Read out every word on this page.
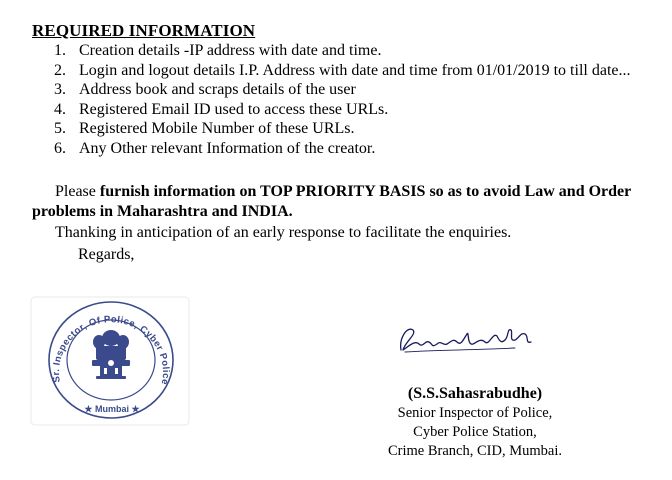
REQUIRED INFORMATION
1. Creation details -IP address with date and time.
2. Login and logout details I.P. Address with date and time from 01/01/2019 to till date...
3. Address book and scraps details of the user
4. Registered Email ID used to access these URLs.
5. Registered Mobile Number of these URLs.
6. Any Other relevant Information of the creator.

Please furnish information on TOP PRIORITY BASIS so as to avoid Law and Order problems in Maharashtra and INDIA.

Thanking in anticipation of an early response to facilitate the enquiries.

Regards,

Sr. Inspector, Of Police, Cyber Police
★ Mumbai ★
(S.S.Sahasrabudhe)
Senior Inspector of Police,
Cyber Police Station,
Crime Branch, CID, Mumbai.
